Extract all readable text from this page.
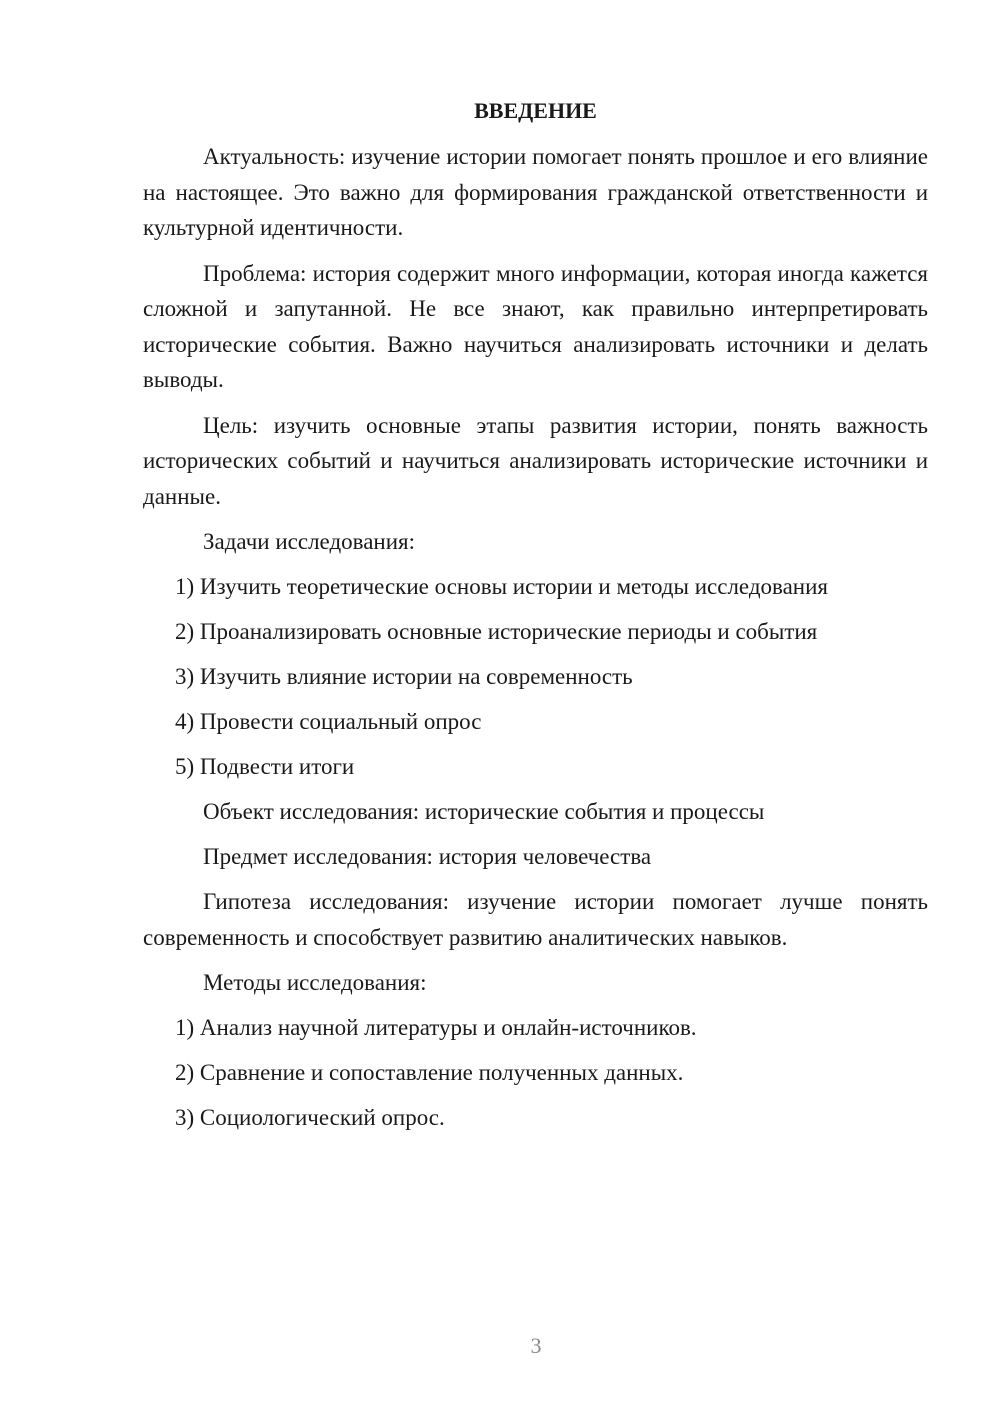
ВВЕДЕНИЕ

Актуальность: изучение истории помогает понять прошлое и его влияние на настоящее. Это важно для формирования гражданской ответственности и культурной идентичности.

Проблема: история содержит много информации, которая иногда кажется сложной и запутанной. Не все знают, как правильно интерпретировать исторические события. Важно научиться анализировать источники и делать выводы.

Цель: изучить основные этапы развития истории, понять важность исторических событий и научиться анализировать исторические источники и данные.

Задачи исследования:
1) Изучить теоретические основы истории и методы исследования
2) Проанализировать основные исторические периоды и события
3) Изучить влияние истории на современность
4) Провести социальный опрос
5) Подвести итоги
Объект исследования: исторические события и процессы
Предмет исследования: история человечества

Гипотеза исследования: изучение истории помогает лучше понять современность и способствует развитию аналитических навыков.

Методы исследования:
1) Анализ научной литературы и онлайн-источников.
2) Сравнение и сопоставление полученных данных.
3) Социологический опрос.
3
